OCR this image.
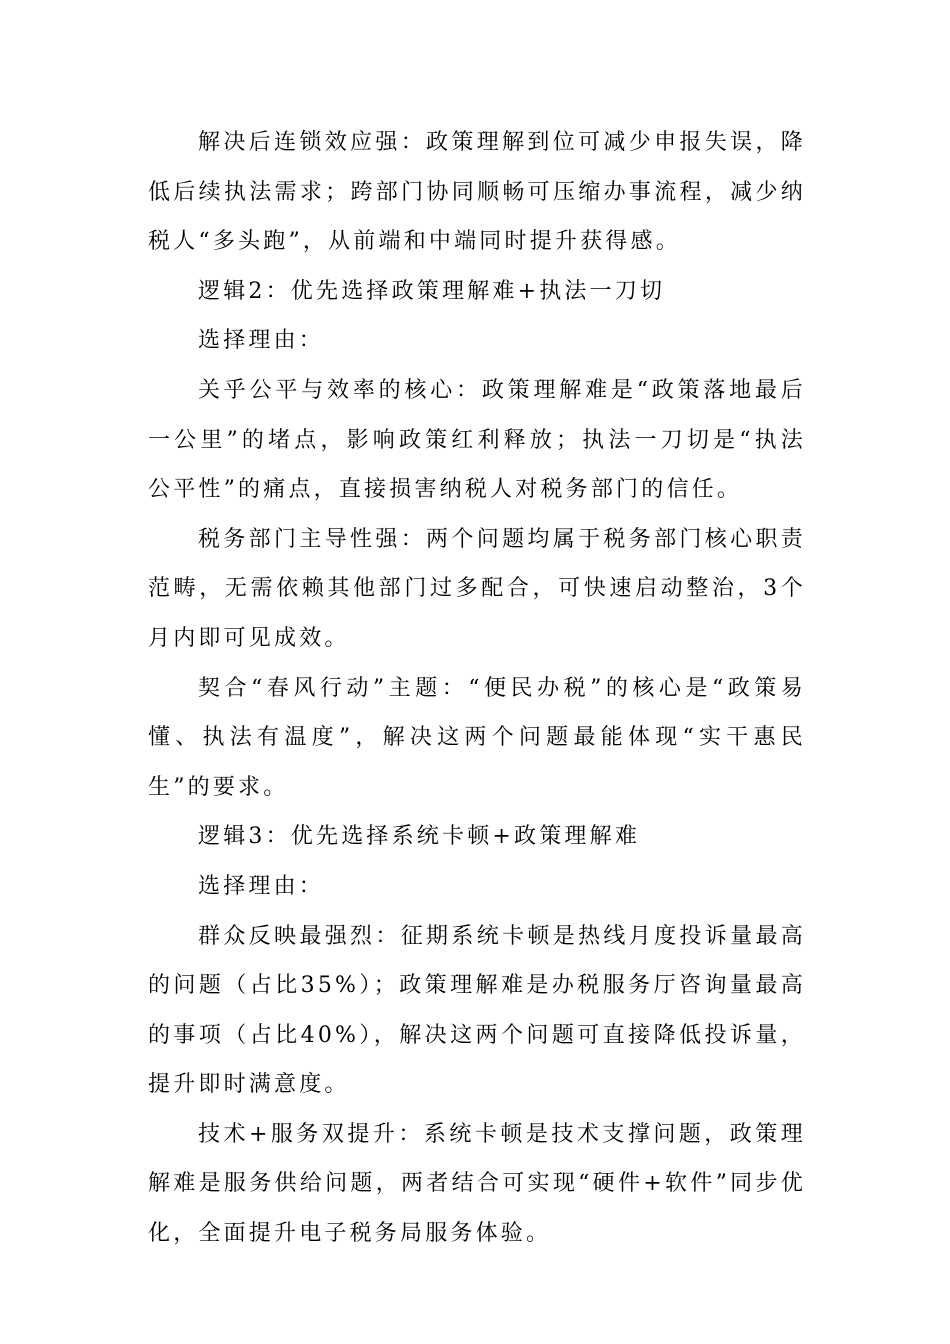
解决后连锁效应强：政策理解到位可减少申报失误，降低后续执法需求；跨部门协同顺畅可压缩办事流程，减少纳税人“多头跑”，从前端和中端同时提升获得感。

逻辑2：优先选择政策理解难+执法一刀切

选择理由：

关乎公平与效率的核心：政策理解难是“政策落地最后一公里”的堵点，影响政策红利释放；执法一刀切是“执法公平性”的痛点，直接损害纳税人对税务部门的信任。

税务部门主导性强：两个问题均属于税务部门核心职责范畴，无需依赖其他部门过多配合，可快速启动整治，3个月内即可见成效。

契合“春风行动”主题：“便民办税”的核心是“政策易懂、执法有温度”，解决这两个问题最能体现“实干惠民生”的要求。

逻辑3：优先选择系统卡顿+政策理解难

选择理由：

群众反映最强烈：征期系统卡顿是热线月度投诉量最高的问题（占比35%）；政策理解难是办税服务厅咨询量最高的事项（占比40%），解决这两个问题可直接降低投诉量，提升即时满意度。

技术+服务双提升：系统卡顿是技术支撑问题，政策理解难是服务供给问题，两者结合可实现“硬件+软件”同步优化，全面提升电子税务局服务体验。
